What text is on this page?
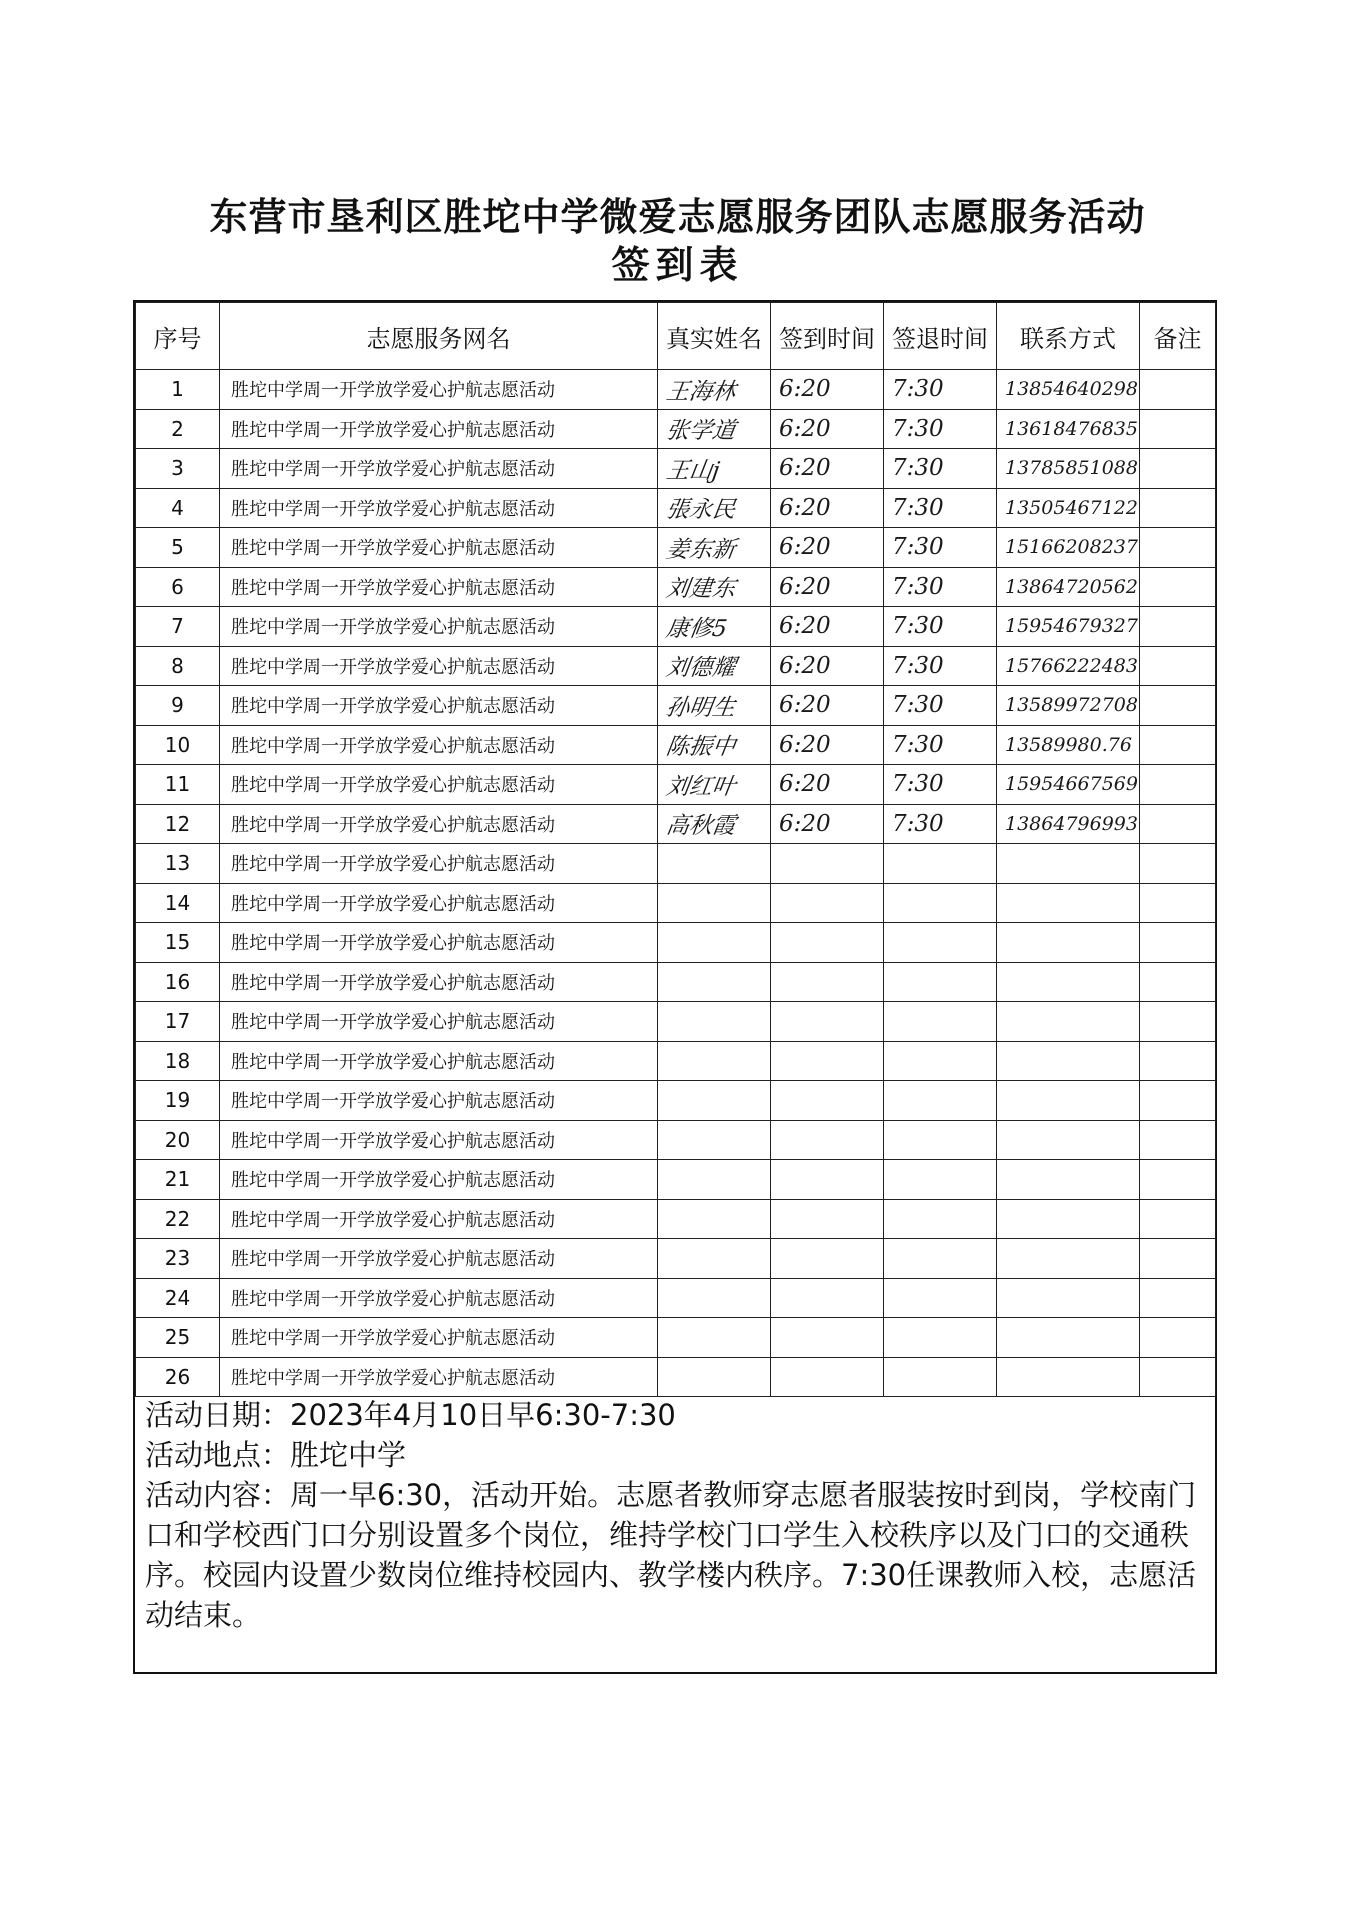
东营市垦利区胜坨中学微爱志愿服务团队志愿服务活动
签到表
序号	志愿服务网名	真实姓名	签到时间	签退时间	联系方式	备注
1	胜坨中学周一开学放学爱心护航志愿活动	王海林	6:20	7:30	13854640298	
2	胜坨中学周一开学放学爱心护航志愿活动	张学道	6:20	7:30	13618476835	
3	胜坨中学周一开学放学爱心护航志愿活动	王山j	6:20	7:30	13785851088	
4	胜坨中学周一开学放学爱心护航志愿活动	張永民	6:20	7:30	13505467122	
5	胜坨中学周一开学放学爱心护航志愿活动	姜东新	6:20	7:30	15166208237	
6	胜坨中学周一开学放学爱心护航志愿活动	刘建东	6:20	7:30	13864720562	
7	胜坨中学周一开学放学爱心护航志愿活动	康修5	6:20	7:30	15954679327	
8	胜坨中学周一开学放学爱心护航志愿活动	刘德耀	6:20	7:30	15766222483	
9	胜坨中学周一开学放学爱心护航志愿活动	孙明生	6:20	7:30	13589972708	
10	胜坨中学周一开学放学爱心护航志愿活动	陈振中	6:20	7:30	13589980.76	
11	胜坨中学周一开学放学爱心护航志愿活动	刘红叶	6:20	7:30	15954667569	
12	胜坨中学周一开学放学爱心护航志愿活动	高秋霞	6:20	7:30	13864796993	
13	胜坨中学周一开学放学爱心护航志愿活动					
14	胜坨中学周一开学放学爱心护航志愿活动					
15	胜坨中学周一开学放学爱心护航志愿活动					
16	胜坨中学周一开学放学爱心护航志愿活动					
17	胜坨中学周一开学放学爱心护航志愿活动					
18	胜坨中学周一开学放学爱心护航志愿活动					
19	胜坨中学周一开学放学爱心护航志愿活动					
20	胜坨中学周一开学放学爱心护航志愿活动					
21	胜坨中学周一开学放学爱心护航志愿活动					
22	胜坨中学周一开学放学爱心护航志愿活动					
23	胜坨中学周一开学放学爱心护航志愿活动					
24	胜坨中学周一开学放学爱心护航志愿活动					
25	胜坨中学周一开学放学爱心护航志愿活动					
26	胜坨中学周一开学放学爱心护航志愿活动					

活动日期：2023年4月10日早6:30-7:30

活动地点：胜坨中学

活动内容：周一早6:30，活动开始。志愿者教师穿志愿者服装按时到岗，学校南门口和学校西门口分别设置多个岗位，维持学校门口学生入校秩序以及门口的交通秩序。校园内设置少数岗位维持校园内、教学楼内秩序。7:30任课教师入校，志愿活动结束。
